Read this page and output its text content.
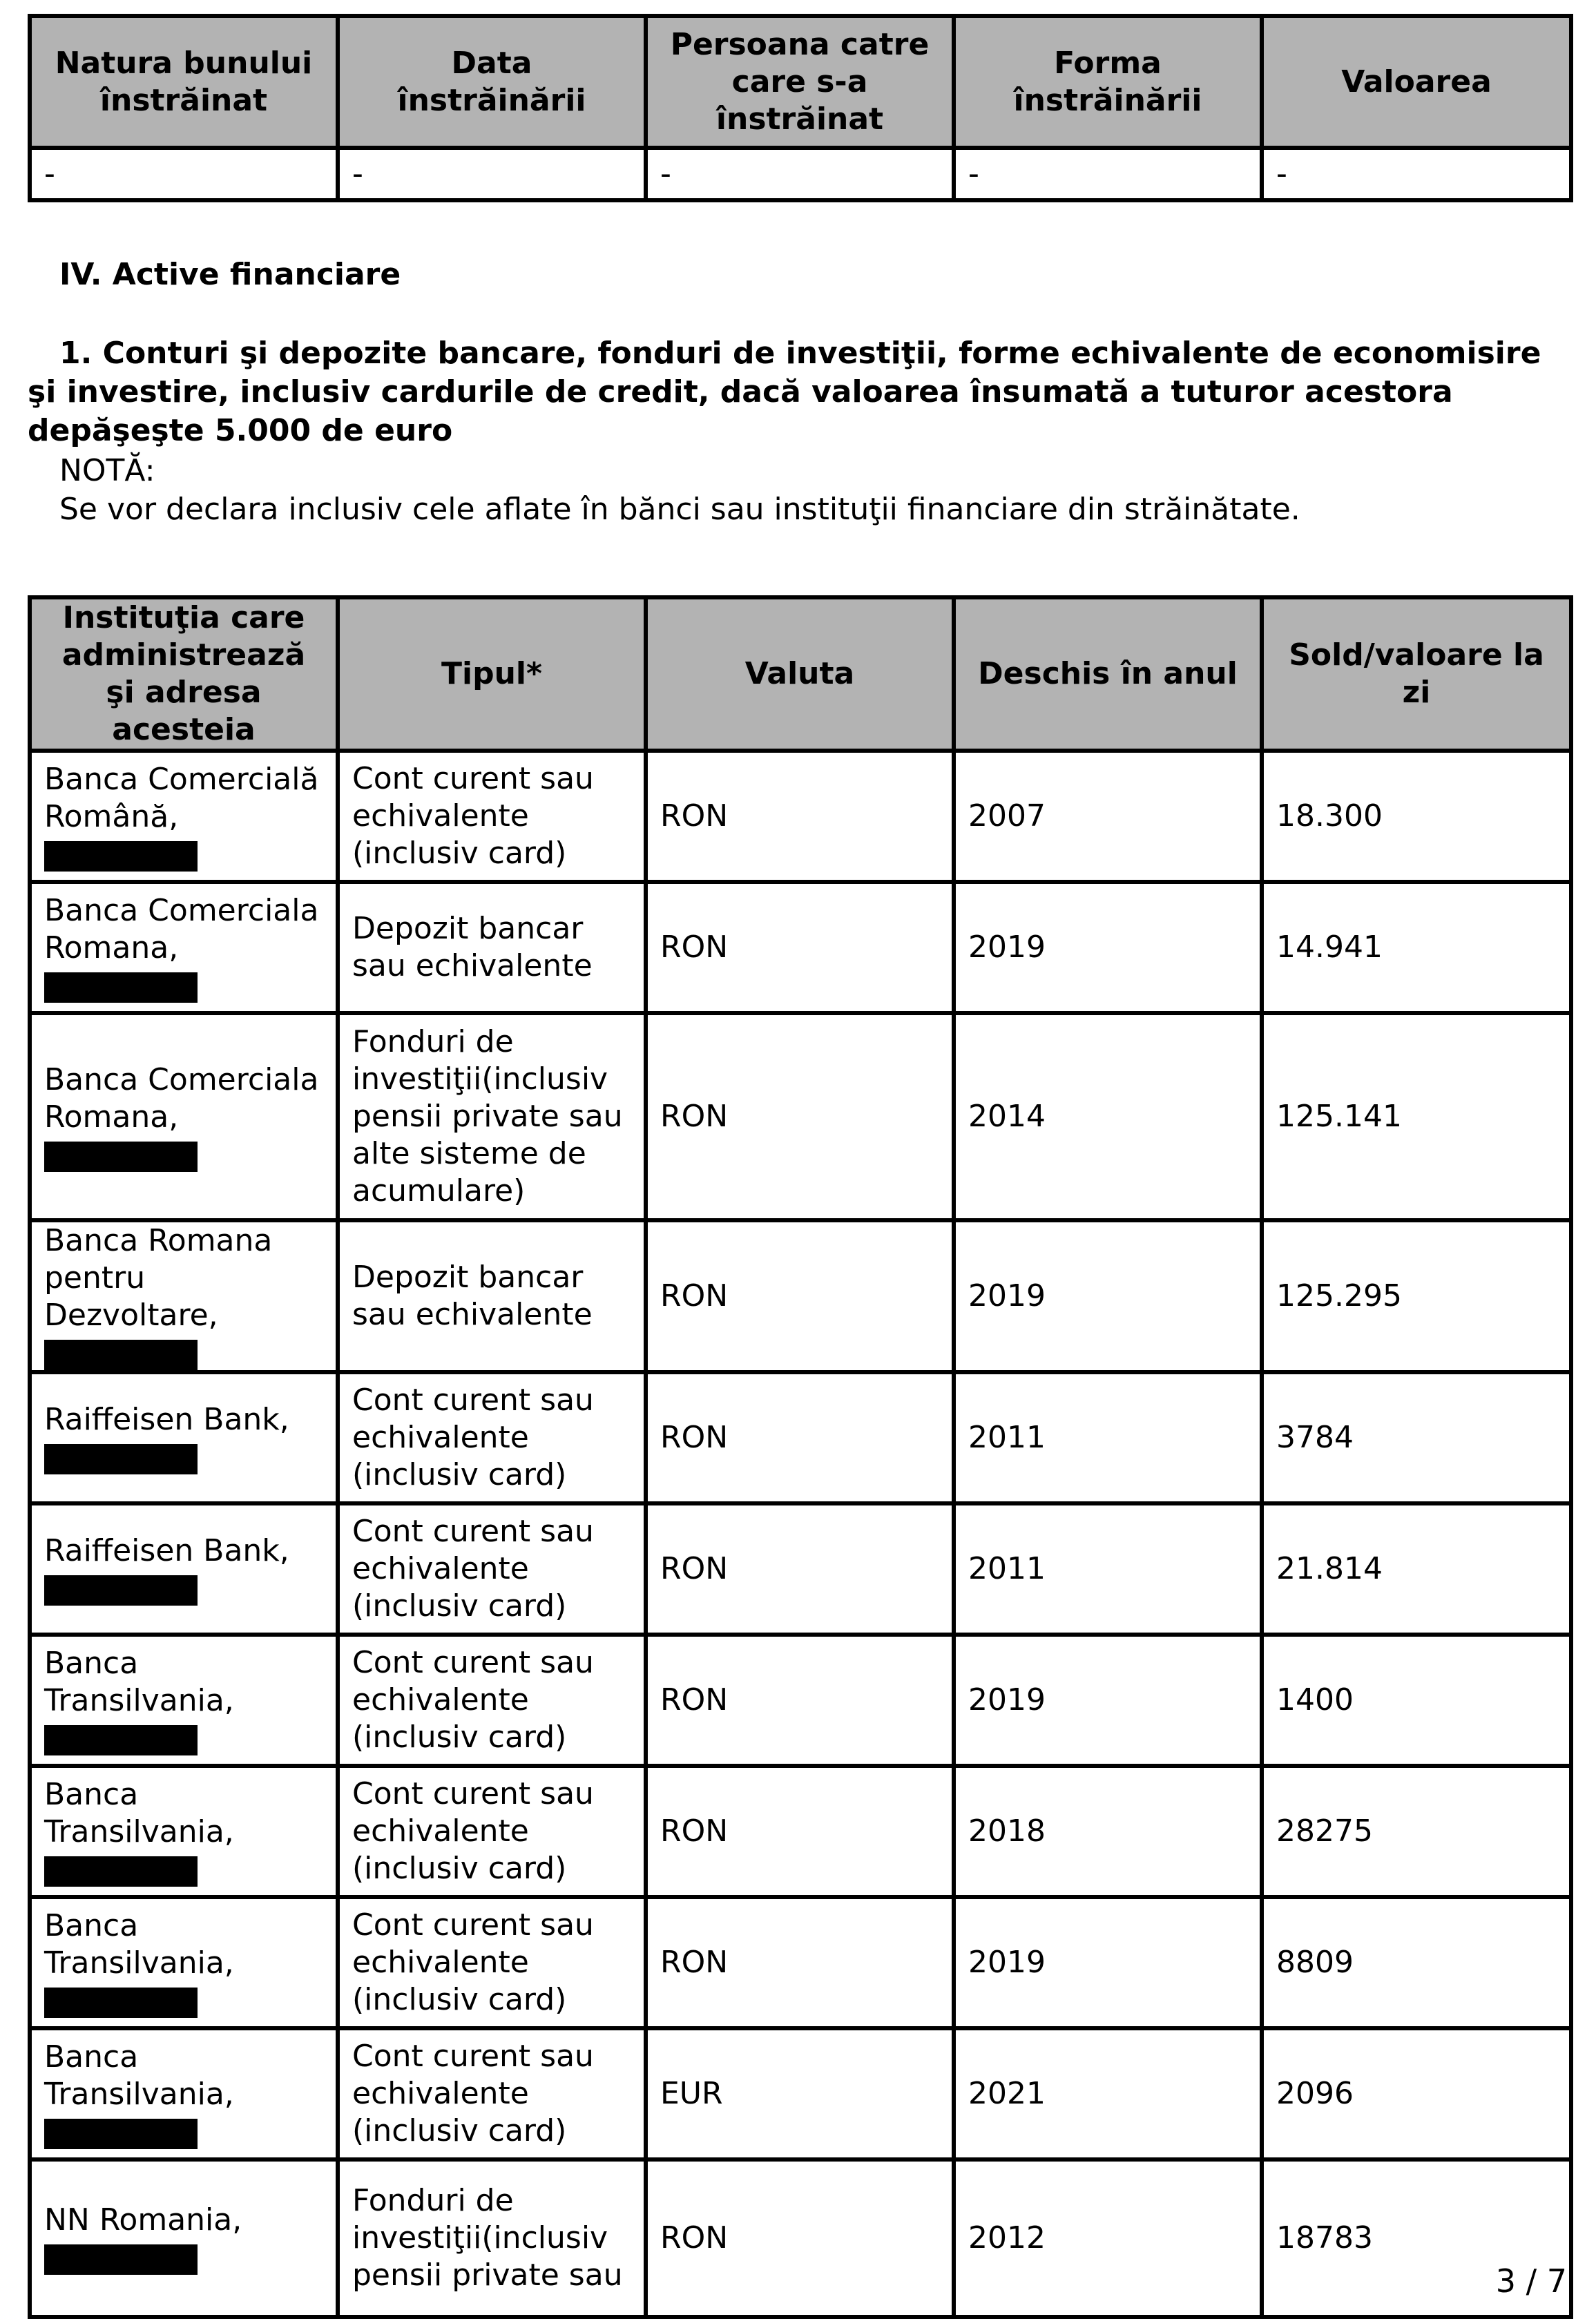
Natura bunului înstrăinat	Data înstrăinării	Persoana catre care s-a înstrăinat	Forma înstrăinării	Valoarea
-	-	-	-	-
IV. Active financiare
1. Conturi şi depozite bancare, fonduri de investiţii, forme echivalente de economisire şi investire, inclusiv cardurile de credit, dacă valoarea însumată a tuturor acestora depăşeşte 5.000 de euro
NOTĂ:
Se vor declara inclusiv cele aflate în bănci sau instituţii financiare din străinătate.
Instituţia care administrează şi adresa acesteia	Tipul*	Valuta	Deschis în anul	Sold/valoare la zi
Banca Comercială Română,	Cont curent sau echivalente (inclusiv card)	RON	2007	18.300
Banca Comerciala Romana,	Depozit bancar sau echivalente	RON	2019	14.941
Banca Comerciala Romana,	Fonduri de investiţii(inclusiv pensii private sau alte sisteme de acumulare)	RON	2014	125.141
Banca Romana pentru Dezvoltare,	Depozit bancar sau echivalente	RON	2019	125.295
Raiffeisen Bank,	Cont curent sau echivalente (inclusiv card)	RON	2011	3784
Raiffeisen Bank,	Cont curent sau echivalente (inclusiv card)	RON	2011	21.814
Banca Transilvania,	Cont curent sau echivalente (inclusiv card)	RON	2019	1400
Banca Transilvania,	Cont curent sau echivalente (inclusiv card)	RON	2018	28275
Banca Transilvania,	Cont curent sau echivalente (inclusiv card)	RON	2019	8809
Banca Transilvania,	Cont curent sau echivalente (inclusiv card)	EUR	2021	2096
NN Romania,	Fonduri de investiţii(inclusiv pensii private sau	RON	2012	18783
3 / 7
